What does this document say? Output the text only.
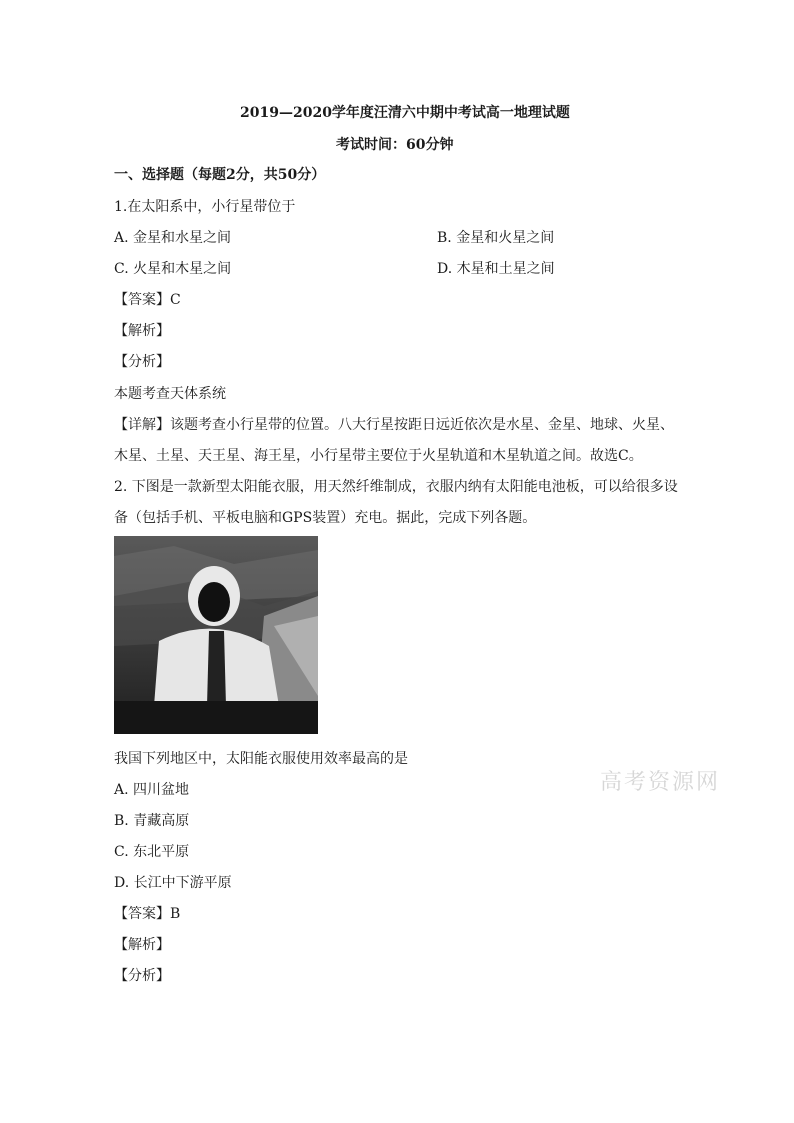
2019—2020学年度汪清六中期中考试高一地理试题
考试时间：60分钟
一、选择题（每题2分，共50分）
1.在太阳系中，小行星带位于
A. 金星和水星之间	B. 金星和火星之间
C. 火星和木星之间	D. 木星和土星之间
【答案】C
【解析】
【分析】
本题考查天体系统
【详解】该题考查小行星带的位置。八大行星按距日远近依次是水星、金星、地球、火星、
木星、土星、天王星、海王星，小行星带主要位于火星轨道和木星轨道之间。故选C。
2. 下图是一款新型太阳能衣服，用天然纤维制成，衣服内纳有太阳能电池板，可以给很多设
备（包括手机、平板电脑和GPS装置）充电。据此，完成下列各题。
我国下列地区中，太阳能衣服使用效率最高的是
高考资源网
A. 四川盆地
B. 青藏高原
C. 东北平原
D. 长江中下游平原
【答案】B
【解析】
【分析】
